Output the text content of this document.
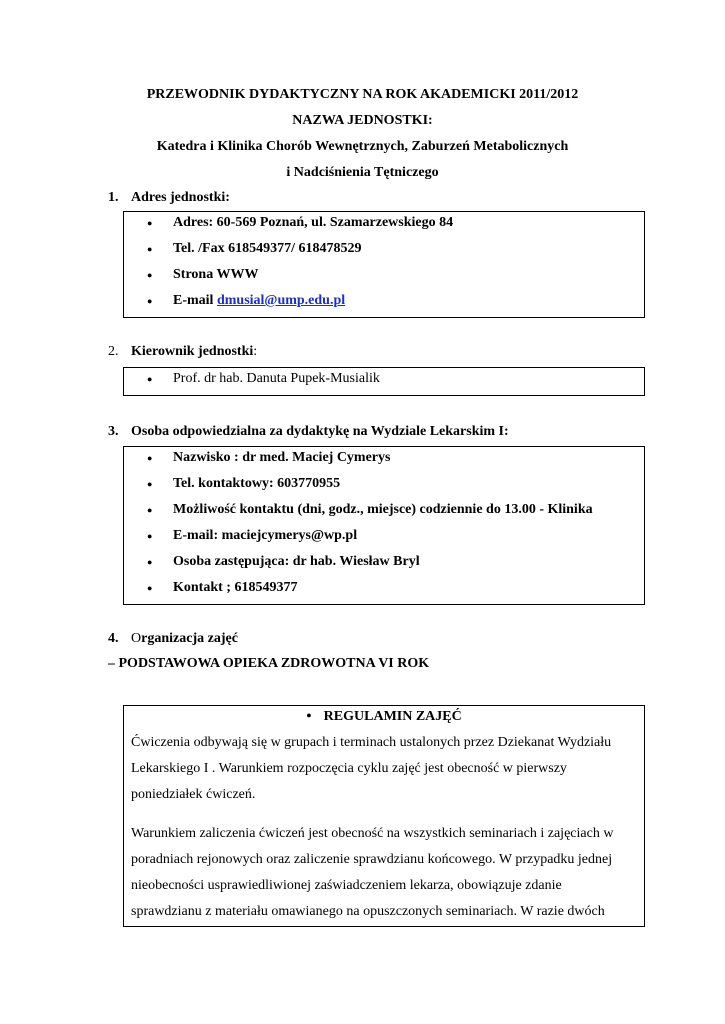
PRZEWODNIK DYDAKTYCZNY NA ROK AKADEMICKI 2011/2012
NAZWA JEDNOSTKI:
Katedra i Klinika Chorób Wewnętrznych, Zaburzeń Metabolicznych
i Nadciśnienia Tętniczego
1. Adres jednostki:
● Adres: 60-569 Poznań, ul. Szamarzewskiego 84
● Tel. /Fax 618549377/ 618478529
● Strona WWW
● E-mail dmusial@ump.edu.pl
2. Kierownik jednostki:
● Prof. dr hab. Danuta Pupek-Musialik
3. Osoba odpowiedzialna za dydaktykę na Wydziale Lekarskim I:
● Nazwisko : dr med. Maciej Cymerys
● Tel. kontaktowy: 603770955
● Możliwość kontaktu (dni, godz., miejsce) codziennie do 13.00 - Klinika
● E-mail: maciejcymerys@wp.pl
● Osoba zastępująca: dr hab. Wiesław Bryl
● Kontakt ; 618549377
4. Organizacja zajęć
– PODSTAWOWA OPIEKA ZDROWOTNA VI ROK
● REGULAMIN ZAJĘĆ
Ćwiczenia odbywają się w grupach i terminach ustalonych przez Dziekanat Wydziału
Lekarskiego I . Warunkiem rozpoczęcia cyklu zajęć jest obecność w pierwszy
poniedziałek ćwiczeń.
Warunkiem zaliczenia ćwiczeń jest obecność na wszystkich seminariach i zajęciach w
poradniach rejonowych oraz zaliczenie sprawdzianu końcowego. W przypadku jednej
nieobecności usprawiedliwionej zaświadczeniem lekarza, obowiązuje zdanie
sprawdzianu z materiału omawianego na opuszczonych seminariach. W razie dwóch
